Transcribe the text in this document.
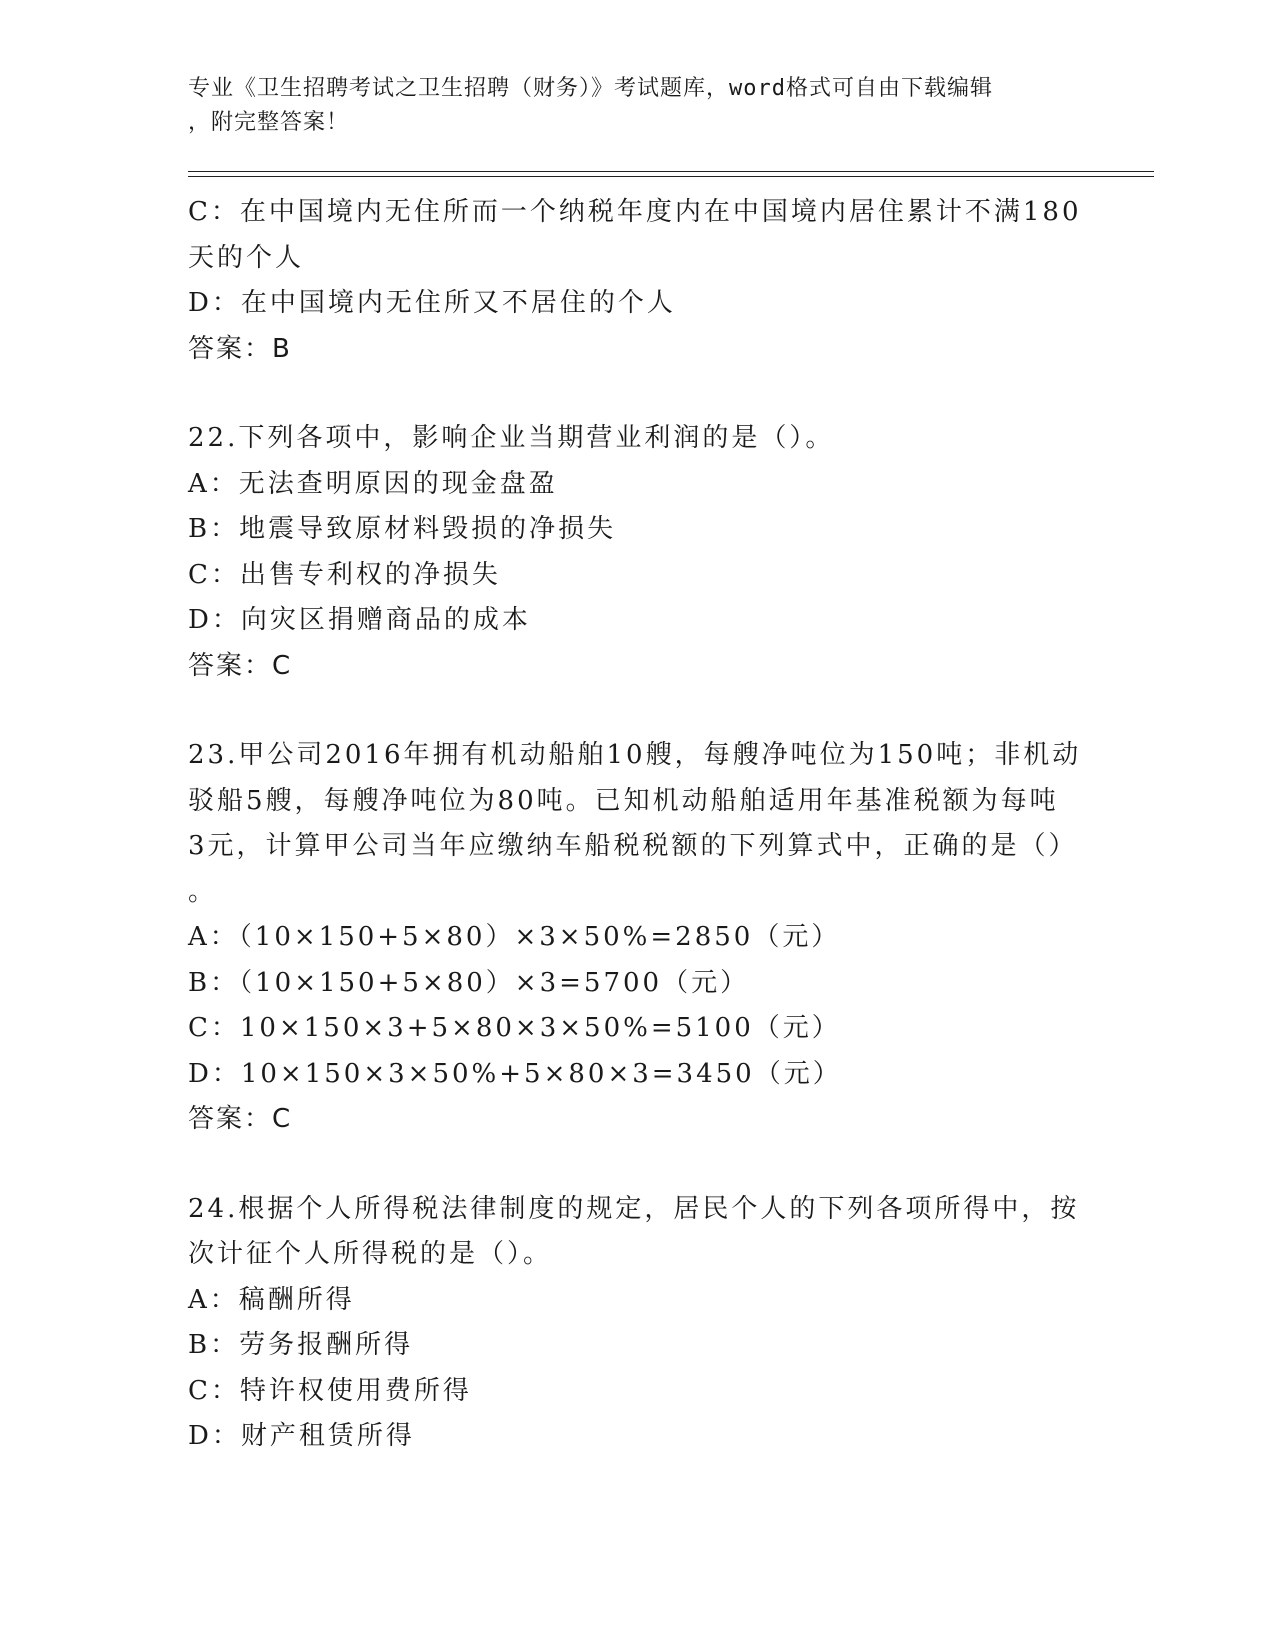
专业《卫生招聘考试之卫生招聘（财务）》考试题库，word格式可自由下载编辑
，附完整答案！
C：在中国境内无住所而一个纳税年度内在中国境内居住累计不满180
天的个人
D：在中国境内无住所又不居住的个人
答案：B
22.下列各项中，影响企业当期营业利润的是（）。
A：无法查明原因的现金盘盈
B：地震导致原材料毁损的净损失
C：出售专利权的净损失
D：向灾区捐赠商品的成本
答案：C
23.甲公司2016年拥有机动船舶10艘，每艘净吨位为150吨；非机动
驳船5艘，每艘净吨位为80吨。已知机动船舶适用年基准税额为每吨
3元，计算甲公司当年应缴纳车船税税额的下列算式中，正确的是（）
。
A：（10×150+5×80）×3×50%=2850（元）
B：（10×150+5×80）×3=5700（元）
C：10×150×3+5×80×3×50%=5100（元）
D：10×150×3×50%+5×80×3=3450（元）
答案：C
24.根据个人所得税法律制度的规定，居民个人的下列各项所得中，按
次计征个人所得税的是（）。
A：稿酬所得
B：劳务报酬所得
C：特许权使用费所得
D：财产租赁所得
